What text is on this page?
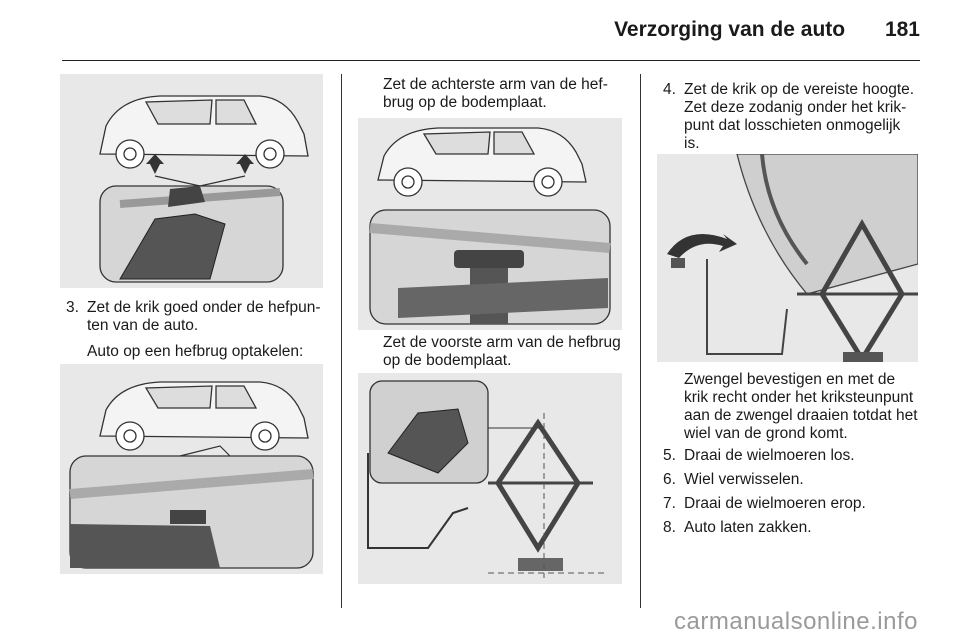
Verzorging van de auto 181
3. Zet de krik goed onder de hefpun-
ten van de auto.
Auto op een hefbrug optakelen:
Zet de achterste arm van de hef-
brug op de bodemplaat.
Zet de voorste arm van de hefbrug
op de bodemplaat.
4. Zet de krik op de vereiste hoogte.
Zet deze zodanig onder het krik-
punt dat losschieten onmogelijk
is.
Zwengel bevestigen en met de
krik recht onder het kriksteunpunt
aan de zwengel draaien totdat het
wiel van de grond komt.
5. Draai de wielmoeren los.
6. Wiel verwisselen.
7. Draai de wielmoeren erop.
8. Auto laten zakken.
carmanualsonline.info
